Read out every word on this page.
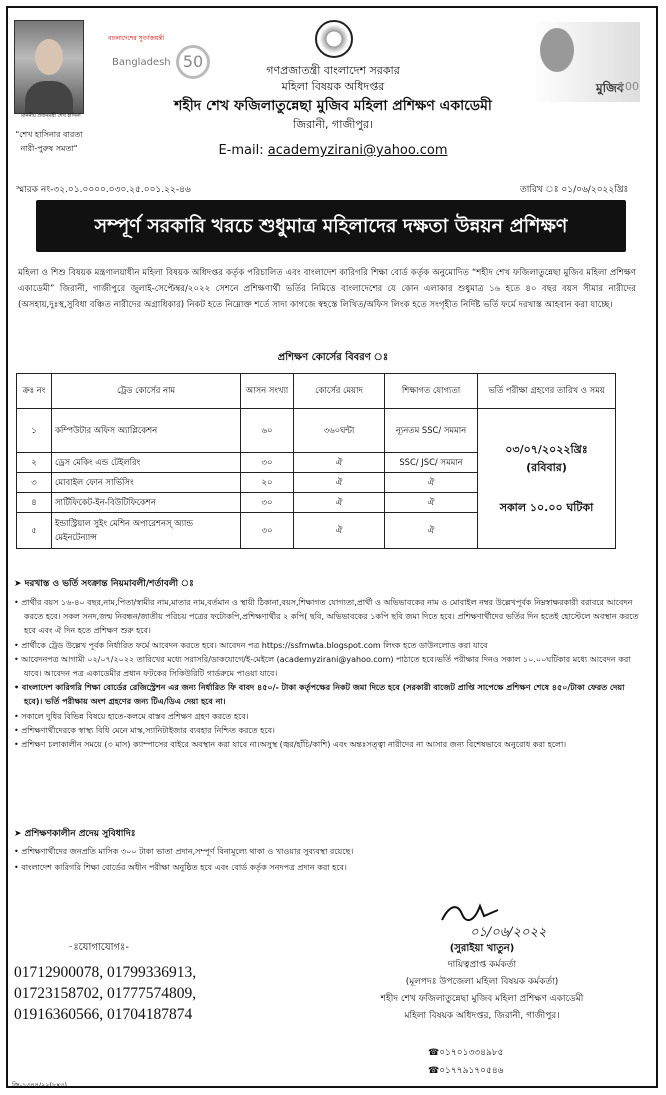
মাননীয় প্রধানমন্ত্রী শেখ হাসিনা
"শেখ হাসিনার বারতা নারী-পুরুষ সমতা"
বাংলাদেশের সুবর্ণজয়ন্তী
Bangladesh 50	গণপ্রজাতন্ত্রী বাংলাদেশ সরকার
মহিলা বিষয়ক অধিদপ্তর
শহীদ শেখ ফজিলাতুন্নেছা মুজিব মহিলা প্রশিক্ষণ একাডেমী
জিরানী, গাজীপুর।
E-mail: academyzirani@yahoo.com
মুজিব
100
স্মারক নং-৩২.০১.০০০০.০৩০.২৫.০০১.২২-৪৬	তারিখ ঃ ০১/০৬/২০২২খ্রিঃ
সম্পূর্ণ সরকারি খরচে শুধুমাত্র মহিলাদের দক্ষতা উন্নয়ন প্রশিক্ষণ
মহিলা ও শিশু বিষয়ক মন্ত্রণালয়াধীন মহিলা বিষয়ক অধিদপ্তর কর্তৃক পরিচালিত এবং বাংলাদেশ কারিগরি শিক্ষা বোর্ড কর্তৃক অনুমোদিত “শহীদ শেখ ফজিলাতুন্নেছা মুজিব মহিলা প্রশিক্ষণ একাডেমী” জিরানী, গাজীপুরে জুলাই-সেপ্টেম্বর/২০২২ সেশনে প্রশিক্ষণার্থী ভর্তির নিমিত্তে বাংলাদেশের যে কোন এলাকার শুধুমাত্র ১৬ হতে ৪০ বছর বয়স সীমার নারীদের (অসহায়,দুঃস্থ,সুবিধা বঞ্চিত নারীদের অগ্রাধিকার) নিকট হতে নিম্নোক্ত শর্তে সাদা কাগজে স্বহস্তে লিখিত/অফিস লিংক হতে সংগৃহীত নির্দিষ্ট ভর্তি ফর্মে দরখাস্ত আহবান করা যাচ্ছে।
প্রশিক্ষণ কোর্সের বিবরণ ঃ
ক্রঃ নং	ট্রেড কোর্সের নাম	আসন সংখ্যা	কোর্সের মেয়াদ	শিক্ষাগত যোগ্যতা	ভর্তি পরীক্ষা গ্রহণের তারিখ ও সময়
১	কম্পিউটার অফিস অ্যাপ্লিকেশন	৬০	৩৬০ঘন্টা	ন্যূনতম SSC/ সমমান	০৩/০৭/২০২২খ্রিঃ
(রবিবার)
সকাল ১০.০০ ঘটিকা

২	ড্রেস মেকিং এন্ড টেইলরিং	৩০	ঐ	SSC/ JSC/ সমমান	
৩	মোবাইল ফোন সার্ভিসিং	২০	ঐ	ঐ	
৪	সার্টিফিকেট-ইন-বিউটিফিকেশন	৩০	ঐ	ঐ	
৫	ইন্ডাস্ট্রিয়াল সুইং মেশিন অপারেশনস্ অ্যান্ড মেইনটেন্যান্স	৩০	ঐ	ঐ	
➤ দরখাস্ত ও ভর্তি সংক্রান্ত নিয়মাবলী/শর্তাবলী ঃ

• প্রার্থীর বয়স ১৬-৪০ বছর,নাম,পিতা/স্বামীর নাম,মাতার নাম,বর্তমান ও স্থায়ী ঠিকানা,বয়স,শিক্ষাগত যোগ্যতা,প্রার্থী ও অভিভাবকের নাম ও মোবাইল নম্বর উল্লেখপূর্বক নিম্নস্বাক্ষরকারী বরাবরে আবেদন করতে হবে। সকল সনদ,জন্ম নিবন্ধন/জাতীয় পরিচয় পত্রের ফটোকপি,প্রশিক্ষণার্থীর ২ কপি( ছবি, অভিভাবকের ১কপি ছবি জমা দিতে হবে। প্রশিক্ষণার্থীদের ভর্তির দিন হতেই হোস্টেলে অবস্থান করতে হবে এবং ঐ দিন হতে প্রশিক্ষণ শুরু হবে।

• প্রার্থীকে ট্রেড উল্লেখ পূর্বক নির্ধারিত ফর্মে আবেদন করতে হবে। আবেদন পত্র https://ssfmwta.blogspot.com লিংক হতে ডাউনলোড করা যাবে

• আবেদনপত্র আগামী ০২/০৭/২০২২ তারিখের মধ্যে সরাসরি/ডাকযোগে/ই-মেইলে (academyzirani@yahoo.com) পাঠাতে হবে।ভর্তি পরীক্ষার দিনও সকাল ১০.০০ঘটিকার মধ্যে আবেদন করা যাবে। আবেদন পত্র একাডেমীর প্রধান ফটকের সিকিউরিটি গার্ডরুমে পাওয়া যাবে।

• বাংলাদেশ কারিগরি শিক্ষা বোর্ডের রেজিস্ট্রেশন এর জন্য নির্ধারিত ফি বাবদ ৪৫০/- টাকা কর্তৃপক্ষের নিকট জমা দিতে হবে (সরকারী বাজেট প্রাপ্তি সাপেক্ষে প্রশিক্ষণ শেষে ৪৫০/টাকা ফেরত দেয়া হবে)। ভর্তি পরীক্ষায় অংশ গ্রহণের জন্য টিএ/ডিএ দেয়া হবে না।

• সকালে দুধির বিভিন্ন বিষয়ে হাতে-কলমে বাস্তব প্রশিক্ষণ গ্রহণ করতে হবে।

• প্রশিক্ষণার্থীদেরকে স্বাস্থ্য বিধি মেনে মাস্ক,স্যানিটাইজার ব্যবহার নিশ্চিত করতে হবে।

• প্রশিক্ষণ চলাকালীন সময়ে (৩ মাস) ক্যাম্পাসের বাইরে অবস্থান করা যাবে না।অসুস্থ (জ্বর/হাঁচি/কাশি) এবং অন্তঃসত্ত্বা নারীদের না আসার জন্য বিশেষভাবে অনুরোধ করা হলো।

➤ প্রশিক্ষণকালীন প্রদেয় সুবিধাদিঃ

• প্রশিক্ষণার্থীদের জনপ্রতি মাসিক ৩০০ টাকা ভাতা প্রদান,সম্পূর্ণ বিনামূল্যে থাকা ও খাওয়ার সুব্যবস্থা রয়েছে।

• বাংলাদেশ কারিগরি শিক্ষা বোর্ডের অধীন পরীক্ষা অনুষ্ঠিত হবে এবং বোর্ড কর্তৃক সনদপত্র প্রদান করা হবে।

০১/০৬/২০২২
-ঃযোগাযোগঃ-
01712900078, 01799336913,
01723158702, 01777574809,
01916360566, 01704187874
(সুরাইয়া খাতুন)
দায়িত্বপ্রাপ্ত কর্মকর্তা
(মূলপদঃ উপজেলা মহিলা বিষয়ক কর্মকর্তা)
শহীদ শেখ ফজিলাতুন্নেছা মুজিব মহিলা প্রশিক্ষণ একাডেমী
মহিলা বিষয়ক অধিদপ্তর, জিরানী, গাজীপুর।
☎০১৭০১৩৩৪৯৮৫
☎০১৭৭৯১৭০৫৪৬
জি-১৩৪৪/২২(৮x৩)
